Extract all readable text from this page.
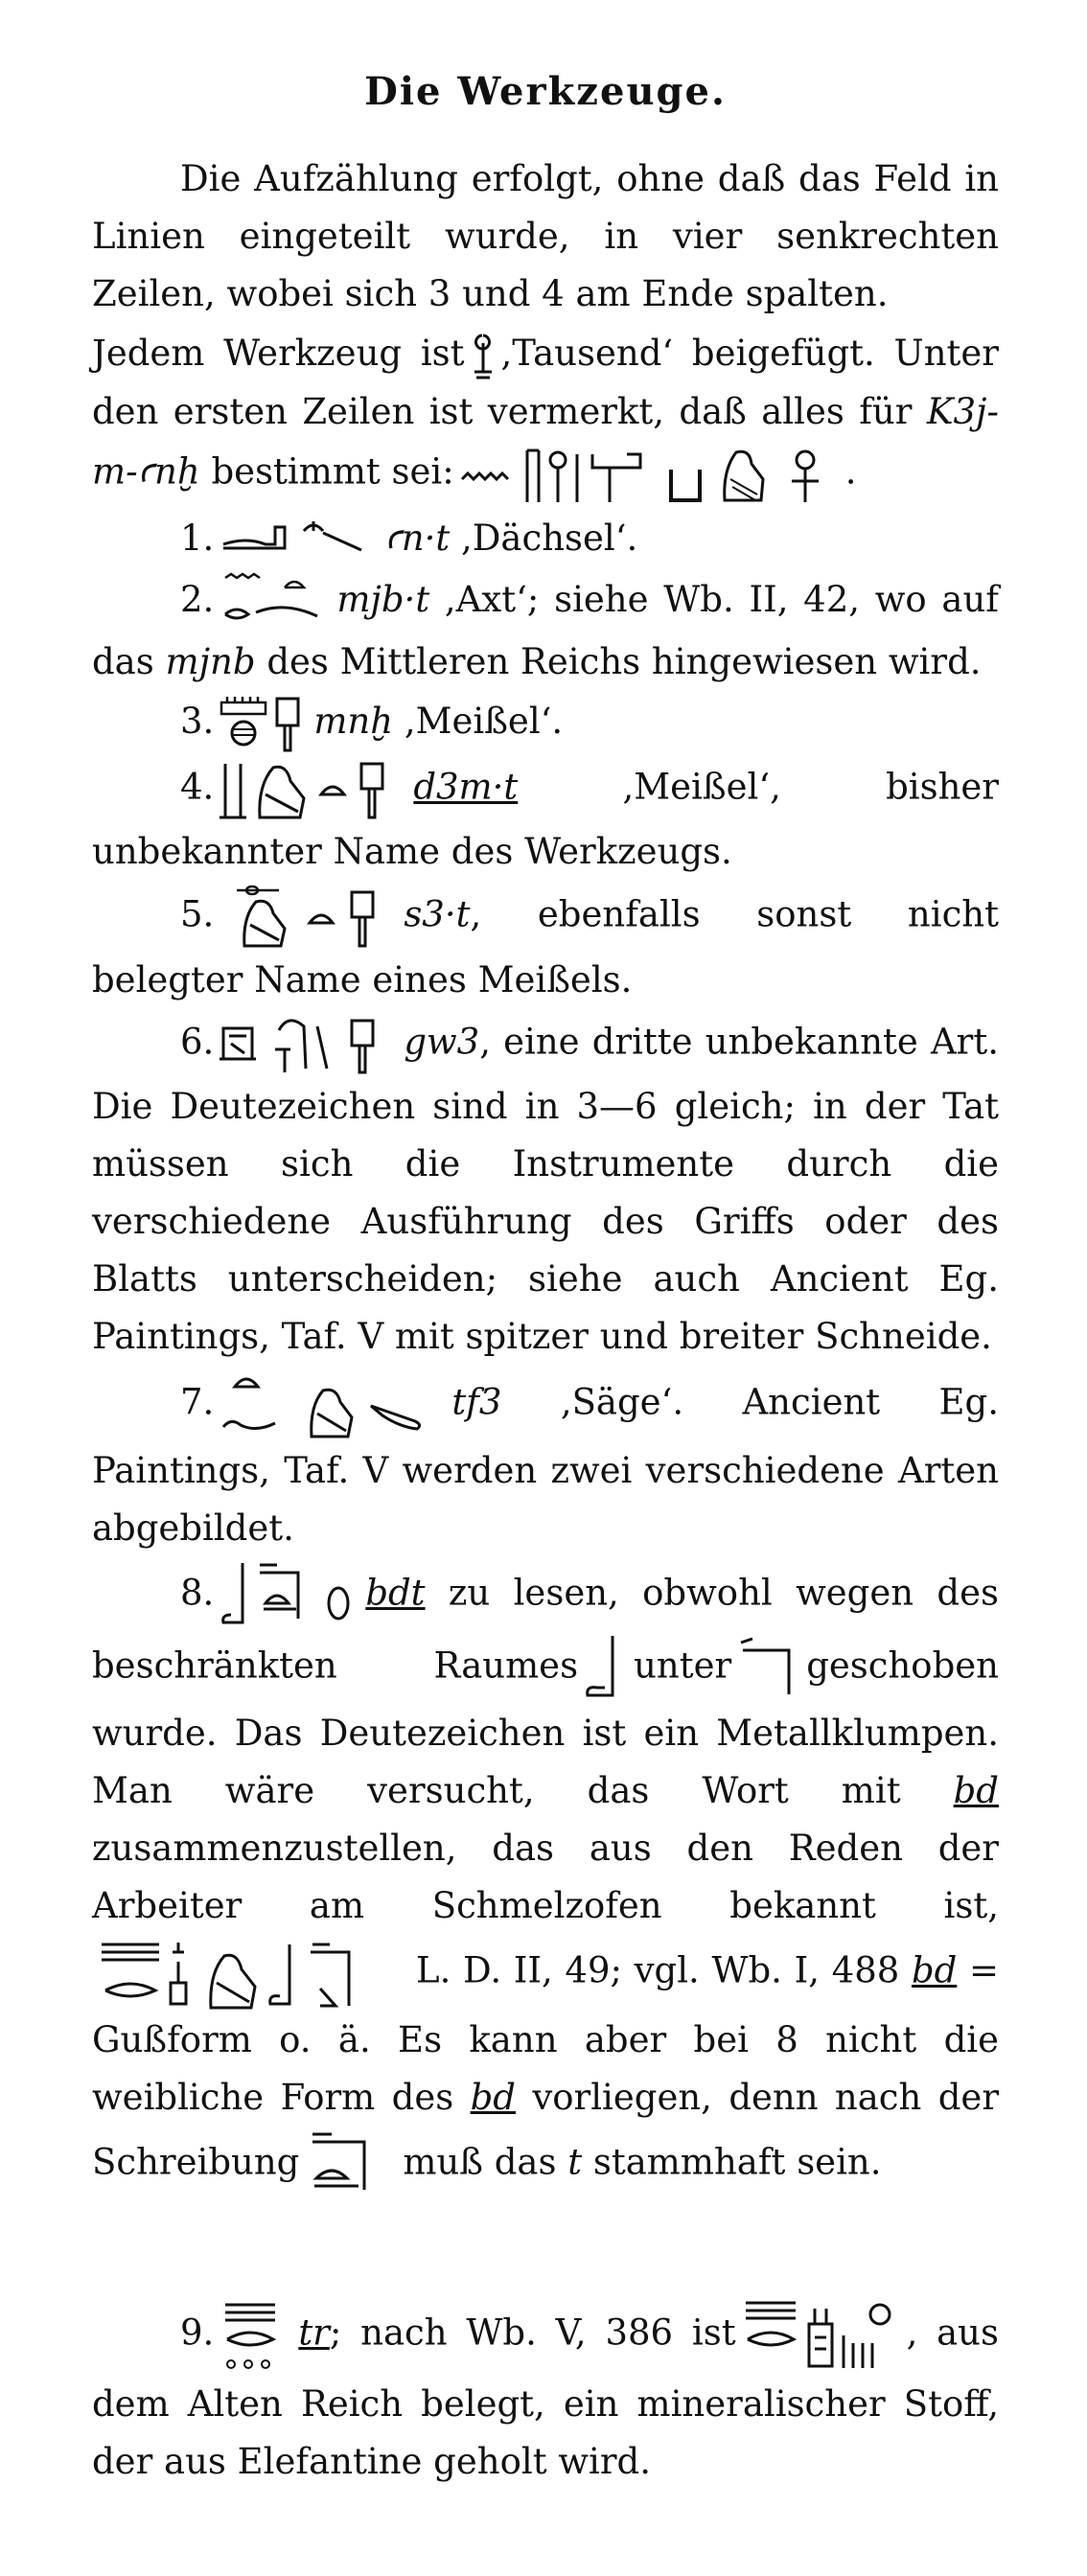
Die Werkzeuge.

Die Aufzählung erfolgt, ohne daß das Feld in Linien eingeteilt wurde, in vier senkrechten Zeilen, wobei sich 3 und 4 am Ende spalten.

Jedem Werkzeug ist ,Tausend‘ beigefügt. Unter den ersten Zeilen ist vermerkt, daß alles für K3j-m-ꜥnḫ bestimmt sei:	.

1.	ꜥn·t ,Dächsel‘.

2.	mjb·t ,Axt‘; siehe Wb. II, 42, wo auf das mjnb des Mittleren Reichs hingewiesen wird.

3.	mnḫ ,Meißel‘.

4.	d3m·t	,Meißel‘, bisher unbekannter Name des Werkzeugs.

5.	s3·t, ebenfalls sonst nicht belegter Name eines Meißels.

6.	gw3, eine dritte unbekannte Art. Die Deutezeichen sind in 3—6 gleich; in der Tat müssen sich die Instrumente durch die verschiedene Ausführung des Griffs oder des Blatts unterscheiden; siehe auch Ancient Eg. Paintings, Taf. V mit spitzer und breiter Schneide.

7.	tf3 ,Säge‘. Ancient Eg. Paintings, Taf. V werden zwei verschiedene Arten abgebildet.

8.	bdt zu lesen, obwohl wegen des beschränkten Raumes unter geschoben wurde. Das Deutezeichen ist ein Metallklumpen. Man wäre versucht, das Wort mit bd zusammenzustellen, das aus den Reden der Arbeiter am Schmelzofen bekannt ist,
L. D. II, 49; vgl. Wb. I, 488 bd = Gußform o. ä. Es kann aber bei 8 nicht die weibliche Form des bd vorliegen, denn nach der Schreibung	muß das t stammhaft sein.

9. tr; nach Wb. V, 386 ist	, aus dem Alten Reich belegt, ein mineralischer Stoff, der aus Elefantine geholt wird.
